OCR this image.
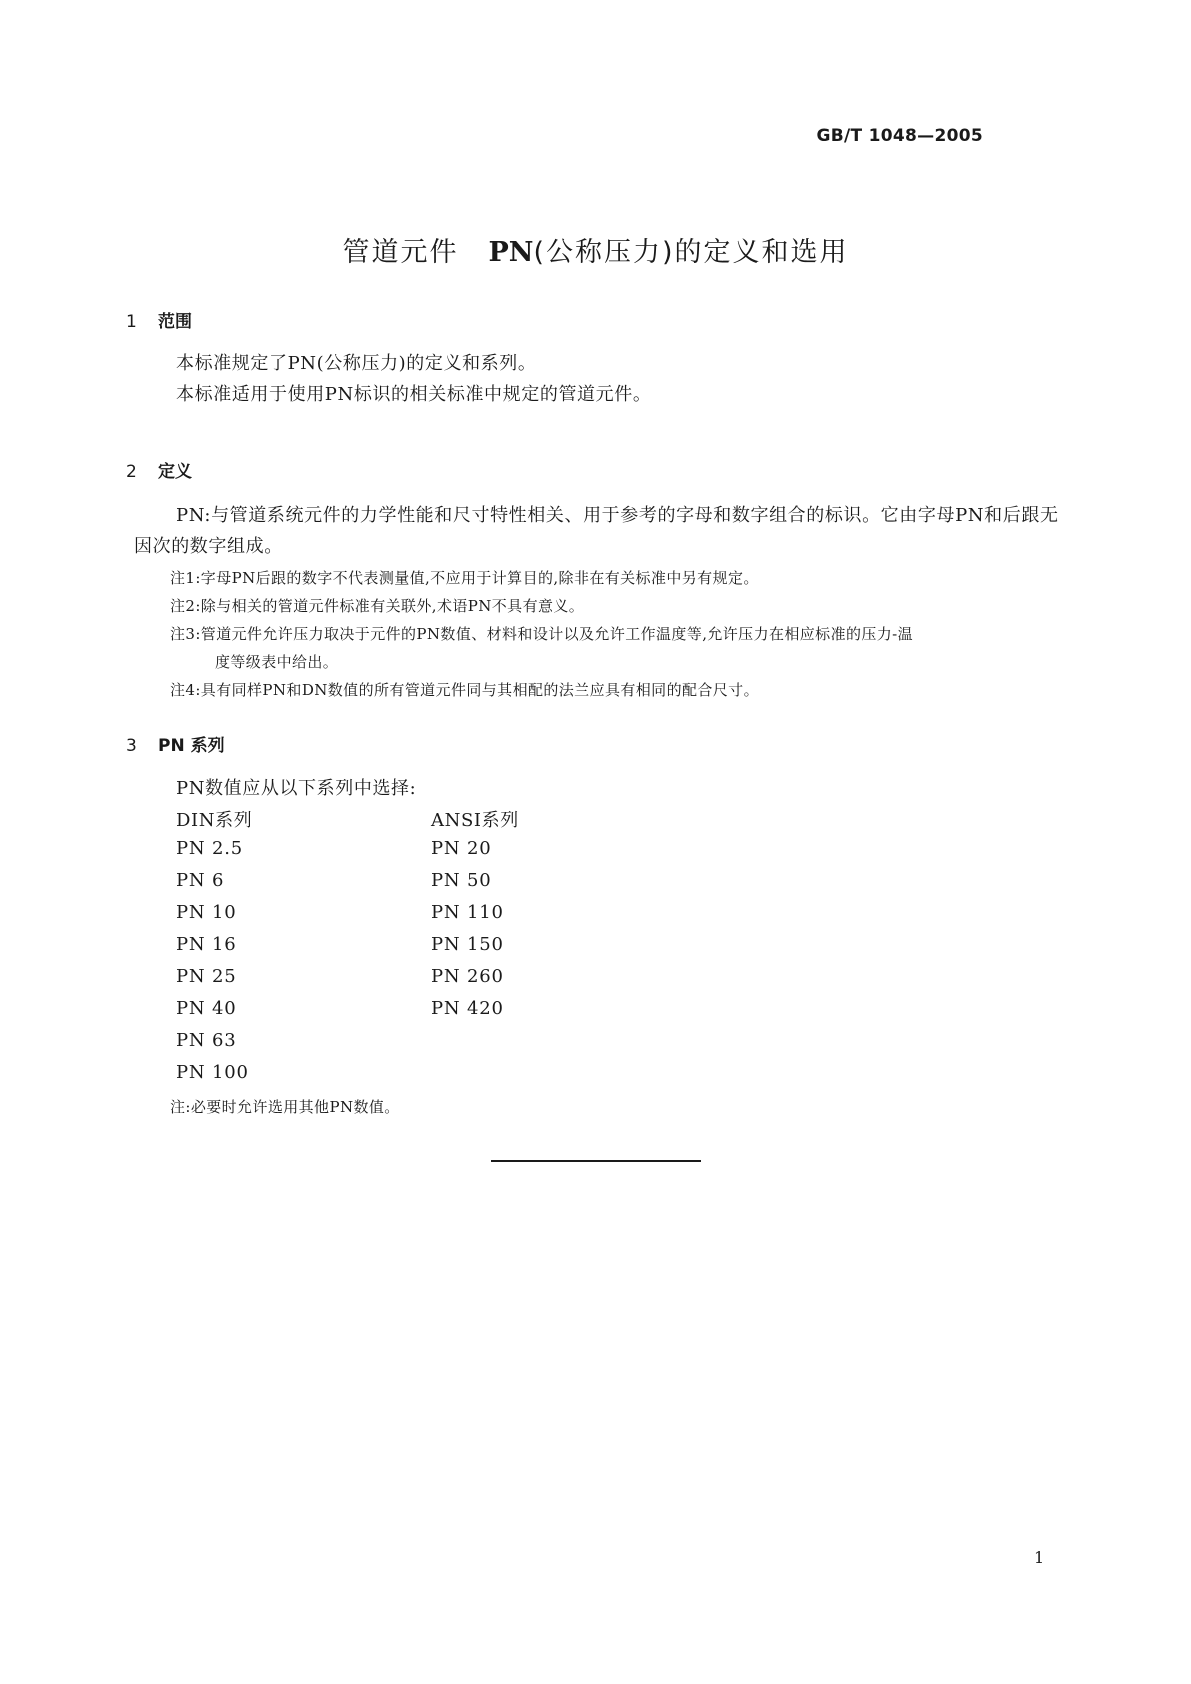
GB/T 1048—2005
管道元件 PN(公称压力)的定义和选用
1 范围
本标准规定了PN(公称压力)的定义和系列。
本标准适用于使用PN标识的相关标准中规定的管道元件。
2 定义
PN:与管道系统元件的力学性能和尺寸特性相关、用于参考的字母和数字组合的标识。它由字母PN和后跟无因次的数字组成。
注1:字母PN后跟的数字不代表测量值,不应用于计算目的,除非在有关标准中另有规定。
注2:除与相关的管道元件标准有关联外,术语PN不具有意义。
注3:管道元件允许压力取决于元件的PN数值、材料和设计以及允许工作温度等,允许压力在相应标准的压力-温
度等级表中给出。
注4:具有同样PN和DN数值的所有管道元件同与其相配的法兰应具有相同的配合尺寸。
3 PN 系列
PN数值应从以下系列中选择:
DIN系列	ANSI系列
PN 2.5
PN 6
PN 10
PN 16
PN 25
PN 40
PN 63
PN 100
PN 20
PN 50
PN 110
PN 150
PN 260
PN 420
注:必要时允许选用其他PN数值。
1
